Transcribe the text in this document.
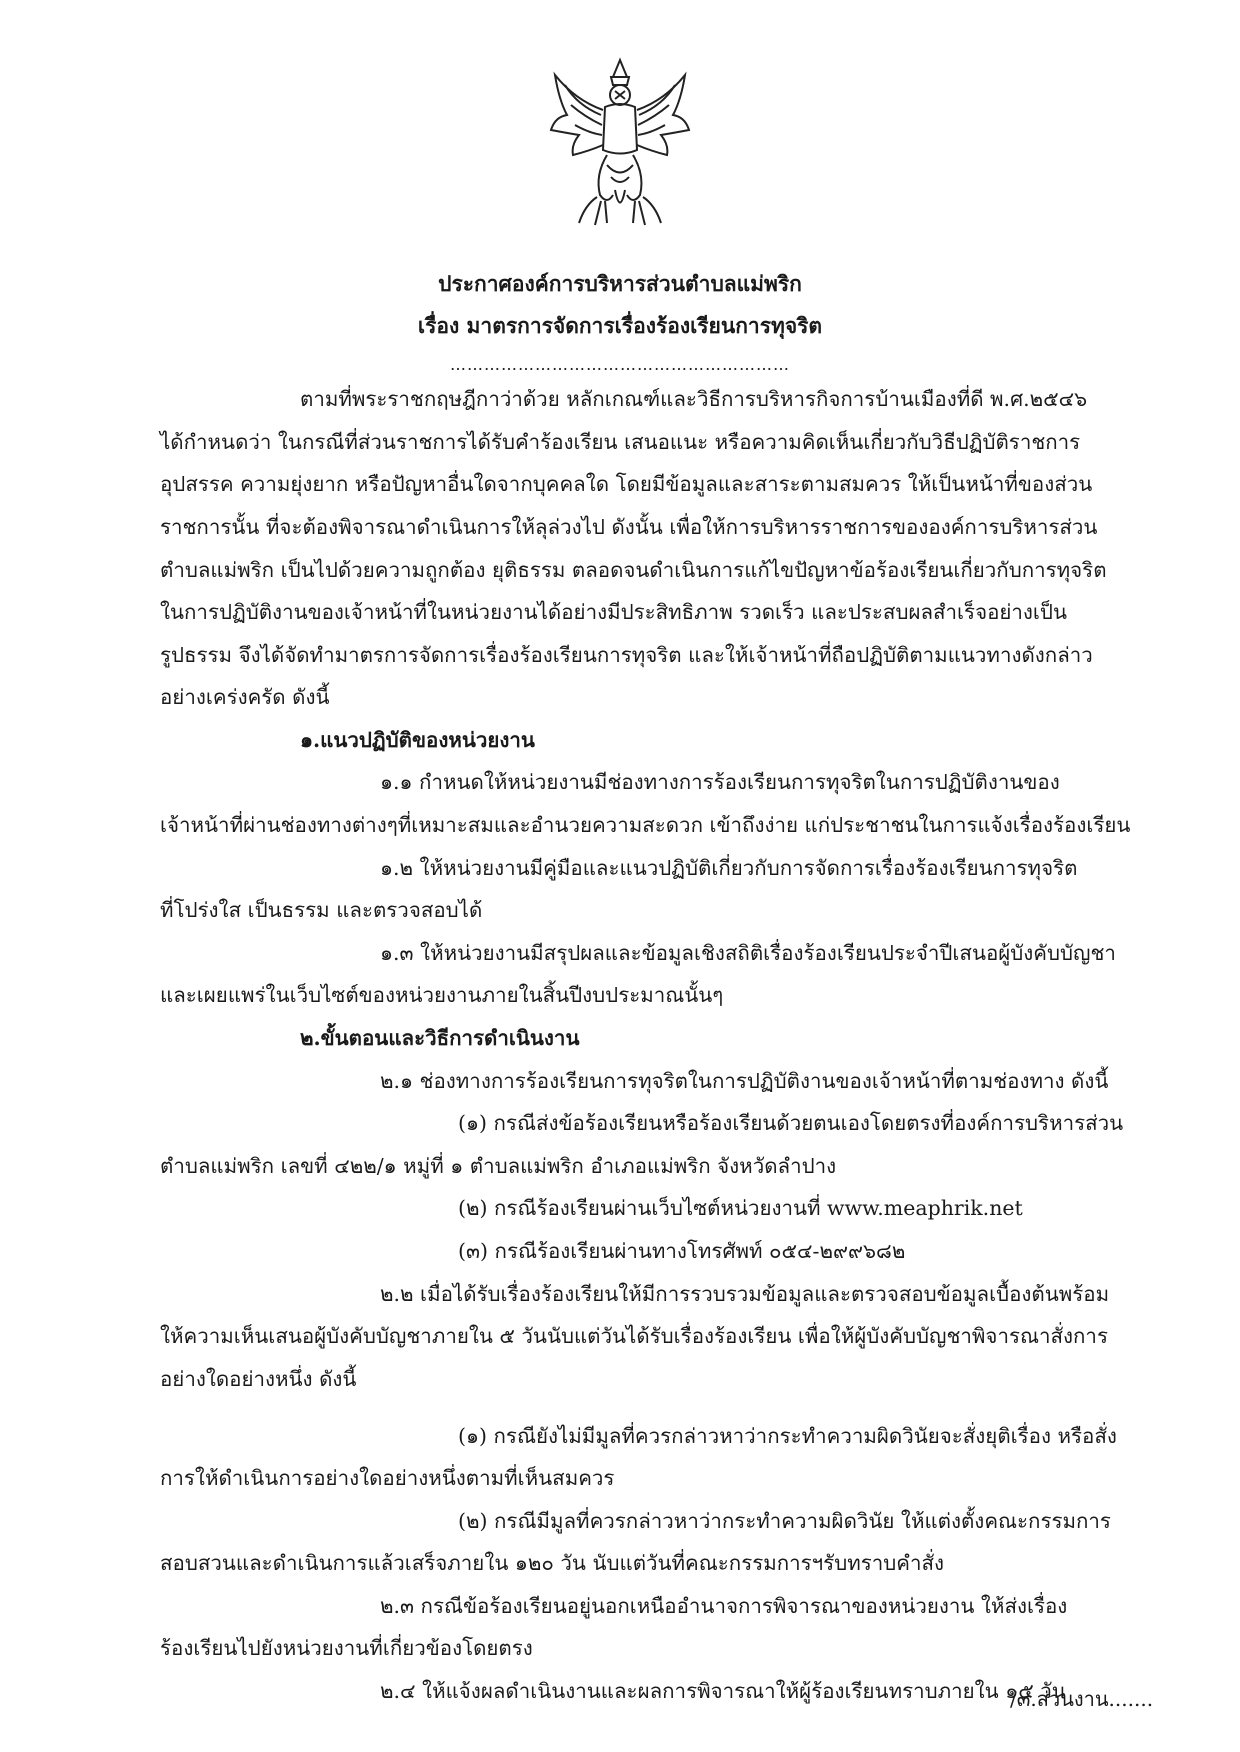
ประกาศองค์การบริหารส่วนตำบลแม่พริก
เรื่อง มาตรการจัดการเรื่องร้องเรียนการทุจริต
……………………………………………………
ตามที่พระราชกฤษฎีกาว่าด้วย หลักเกณฑ์และวิธีการบริหารกิจการบ้านเมืองที่ดี พ.ศ.๒๕๔๖
ได้กำหนดว่า ในกรณีที่ส่วนราชการได้รับคำร้องเรียน เสนอแนะ หรือความคิดเห็นเกี่ยวกับวิธีปฏิบัติราชการ
อุปสรรค ความยุ่งยาก หรือปัญหาอื่นใดจากบุคคลใด โดยมีข้อมูลและสาระตามสมควร ให้เป็นหน้าที่ของส่วน
ราชการนั้น ที่จะต้องพิจารณาดำเนินการให้ลุล่วงไป ดังนั้น เพื่อให้การบริหารราชการขององค์การบริหารส่วน
ตำบลแม่พริก เป็นไปด้วยความถูกต้อง ยุติธรรม ตลอดจนดำเนินการแก้ไขปัญหาข้อร้องเรียนเกี่ยวกับการทุจริต
ในการปฏิบัติงานของเจ้าหน้าที่ในหน่วยงานได้อย่างมีประสิทธิภาพ รวดเร็ว และประสบผลสำเร็จอย่างเป็น
รูปธรรม จึงได้จัดทำมาตรการจัดการเรื่องร้องเรียนการทุจริต และให้เจ้าหน้าที่ถือปฏิบัติตามแนวทางดังกล่าว
อย่างเคร่งครัด ดังนี้
๑.แนวปฏิบัติของหน่วยงาน
๑.๑ กำหนดให้หน่วยงานมีช่องทางการร้องเรียนการทุจริตในการปฏิบัติงานของ
เจ้าหน้าที่ผ่านช่องทางต่างๆที่เหมาะสมและอำนวยความสะดวก เข้าถึงง่าย แก่ประชาชนในการแจ้งเรื่องร้องเรียน
๑.๒ ให้หน่วยงานมีคู่มือและแนวปฏิบัติเกี่ยวกับการจัดการเรื่องร้องเรียนการทุจริต
ที่โปร่งใส เป็นธรรม และตรวจสอบได้
๑.๓ ให้หน่วยงานมีสรุปผลและข้อมูลเชิงสถิติเรื่องร้องเรียนประจำปีเสนอผู้บังคับบัญชา
และเผยแพร่ในเว็บไซต์ของหน่วยงานภายในสิ้นปีงบประมาณนั้นๆ
๒.ขั้นตอนและวิธีการดำเนินงาน
๒.๑ ช่องทางการร้องเรียนการทุจริตในการปฏิบัติงานของเจ้าหน้าที่ตามช่องทาง ดังนี้
(๑) กรณีส่งข้อร้องเรียนหรือร้องเรียนด้วยตนเองโดยตรงที่องค์การบริหารส่วน
ตำบลแม่พริก เลขที่ ๔๒๒/๑ หมู่ที่ ๑ ตำบลแม่พริก อำเภอแม่พริก จังหวัดลำปาง
(๒) กรณีร้องเรียนผ่านเว็บไซต์หน่วยงานที่ www.meaphrik.net
(๓) กรณีร้องเรียนผ่านทางโทรศัพท์ ๐๕๔-๒๙๙๖๘๒
๒.๒ เมื่อได้รับเรื่องร้องเรียนให้มีการรวบรวมข้อมูลและตรวจสอบข้อมูลเบื้องต้นพร้อม
ให้ความเห็นเสนอผู้บังคับบัญชาภายใน ๕ วันนับแต่วันได้รับเรื่องร้องเรียน เพื่อให้ผู้บังคับบัญชาพิจารณาสั่งการ
อย่างใดอย่างหนึ่ง ดังนี้
(๑) กรณียังไม่มีมูลที่ควรกล่าวหาว่ากระทำความผิดวินัยจะสั่งยุติเรื่อง หรือสั่ง
การให้ดำเนินการอย่างใดอย่างหนึ่งตามที่เห็นสมควร
(๒) กรณีมีมูลที่ควรกล่าวหาว่ากระทำความผิดวินัย ให้แต่งตั้งคณะกรรมการ
สอบสวนและดำเนินการแล้วเสร็จภายใน ๑๒๐ วัน นับแต่วันที่คณะกรรมการฯรับทราบคำสั่ง
๒.๓ กรณีข้อร้องเรียนอยู่นอกเหนืออำนาจการพิจารณาของหน่วยงาน ให้ส่งเรื่อง
ร้องเรียนไปยังหน่วยงานที่เกี่ยวข้องโดยตรง
๒.๔ ให้แจ้งผลดำเนินงานและผลการพิจารณาให้ผู้ร้องเรียนทราบภายใน ๑๕ วัน
/๓.ส่วนงาน.......
